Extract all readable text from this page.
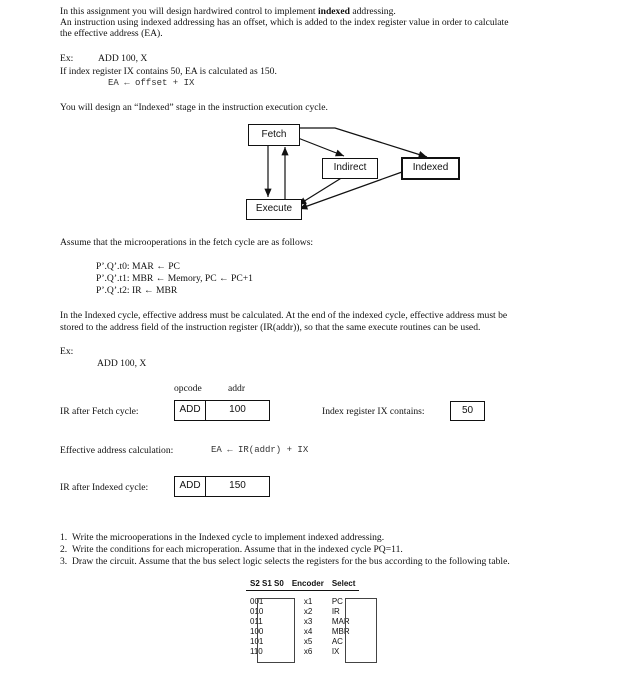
In this assignment you will design hardwired control to implement indexed addressing.
An instruction using indexed addressing has an offset, which is added to the index register value in order to calculate
the effective address (EA).
Ex:	ADD 100, X
If index register IX contains 50, EA is calculated as 150.
EA ← offset + IX
You will design an “Indexed” stage in the instruction execution cycle.
Fetch
Indirect	Indexed
Execute
Assume that the microoperations in the fetch cycle are as follows:
P’.Q’.t0: MAR ← PC
P’.Q’.t1: MBR ← Memory, PC ← PC+1
P’.Q’.t2: IR ← MBR
In the Indexed cycle, effective address must be calculated. At the end of the indexed cycle, effective address must be
stored to the address field of the instruction register (IR(addr)), so that the same execute routines can be used.
Ex:
ADD 100, X
opcode	addr
IR after Fetch cycle:	ADD	100	Index register IX contains:	50
Effective address calculation:	EA ← IR(addr) + IX
IR after Indexed cycle:	ADD	150
1. Write the microoperations in the Indexed cycle to implement indexed addressing.
2. Write the conditions for each microperation. Assume that in the indexed cycle PQ=11.
3. Draw the circuit. Assume that the bus select logic selects the registers for the bus according to the following table.
S2 S1 S0	Encoder	Select

001	x1	PC
010	x2	IR
011	x3	MAR
100	x4	MBR
101	x5	AC
110	x6	IX
